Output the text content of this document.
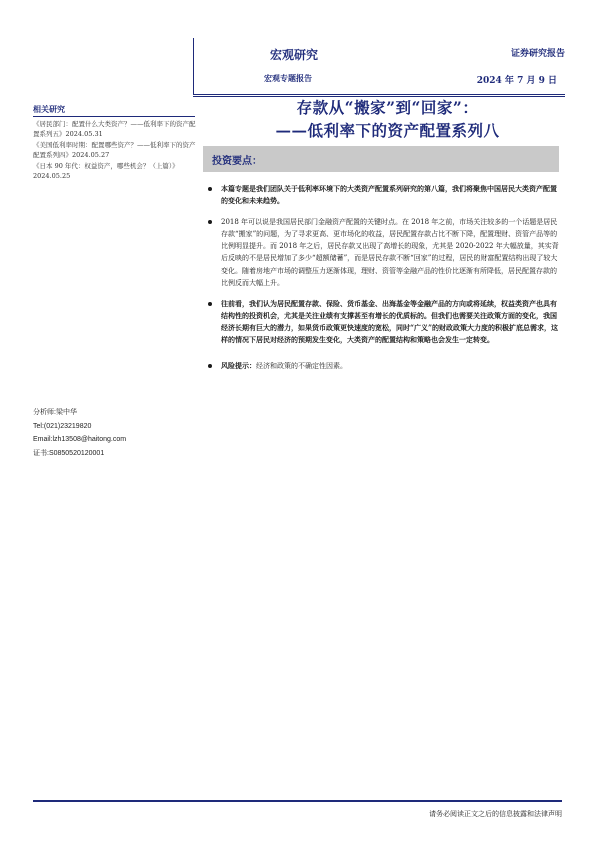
宏观研究	证券研究报告
宏观专题报告	2024 年 7 月 9 日
相关研究
《居民部门：配置什么大类资产？——低利率下的资产配置系列五》2024.05.31
《美国低利率时期：配置哪些资产？——低利率下的资产配置系列四》2024.05.27
《日本 90 年代：权益资产，哪些机会？（上篇）》2024.05.25
分析师:梁中华
Tel:(021)23219820
Email:lzh13508@haitong.com
证书:S0850520120001
存款从“搬家”到“回家”：
——低利率下的资产配置系列八
投资要点：
本篇专题是我们团队关于低利率环境下的大类资产配置系列研究的第八篇，我们将聚焦中国居民大类资产配置的变化和未来趋势。
2018 年可以说是我国居民部门金融资产配置的关键时点。在 2018 年之前，市场关注较多的一个话题是居民存款“搬家”的问题，为了寻求更高、更市场化的收益，居民配置存款占比不断下降，配置理财、资管产品等的比例明显提升。而 2018 年之后，居民存款又出现了高增长的现象，尤其是 2020-2022 年大幅放量，其实背后反映的不是居民增加了多少“超额储蓄”，而是居民存款不断“回家”的过程，居民的财富配置结构出现了较大变化。随着房地产市场的调整压力逐渐体现，理财、资管等金融产品的性价比逐渐有所降低，居民配置存款的比例反而大幅上升。
往前看，我们认为居民配置存款、保险、货币基金、出海基金等金融产品的方向或将延续，权益类资产也具有结构性的投资机会，尤其是关注业绩有支撑甚至有增长的优质标的。但我们也需要关注政策方面的变化，我国经济长期有巨大的潜力，如果货币政策更快速度的宽松，同时“广义”的财政政策大力度的积极扩底总需求，这样的情况下居民对经济的预期发生变化，大类资产的配置结构和策略也会发生一定转变。
风险提示：经济和政策的不确定性因素。
请务必阅读正文之后的信息披露和法律声明
